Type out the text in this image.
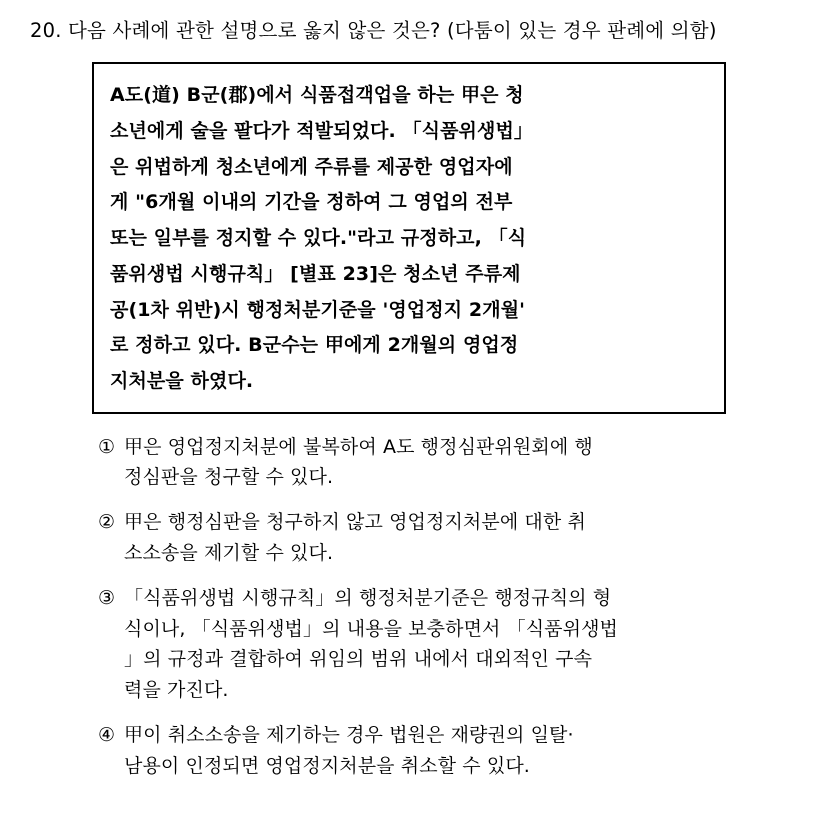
20. 다음 사례에 관한 설명으로 옳지 않은 것은? (다툼이 있는 경우 판례에 의함)
A도(道) B군(郡)에서 식품접객업을 하는 甲은 청
소년에게 술을 팔다가 적발되었다. 「식품위생법」
은 위법하게 청소년에게 주류를 제공한 영업자에
게 "6개월 이내의 기간을 정하여 그 영업의 전부
또는 일부를 정지할 수 있다."라고 규정하고, 「식
품위생법 시행규칙」 [별표 23]은 청소년 주류제
공(1차 위반)시 행정처분기준을 '영업정지 2개월'
로 정하고 있다. B군수는 甲에게 2개월의 영업정
지처분을 하였다.
① 甲은 영업정지처분에 불복하여 A도 행정심판위원회에 행
정심판을 청구할 수 있다.
② 甲은 행정심판을 청구하지 않고 영업정지처분에 대한 취
소소송을 제기할 수 있다.
③ 「식품위생법 시행규칙」의 행정처분기준은 행정규칙의 형
식이나, 「식품위생법」의 내용을 보충하면서 「식품위생법
」의 규정과 결합하여 위임의 범위 내에서 대외적인 구속
력을 가진다.
④ 甲이 취소소송을 제기하는 경우 법원은 재량권의 일탈·
남용이 인정되면 영업정지처분을 취소할 수 있다.
